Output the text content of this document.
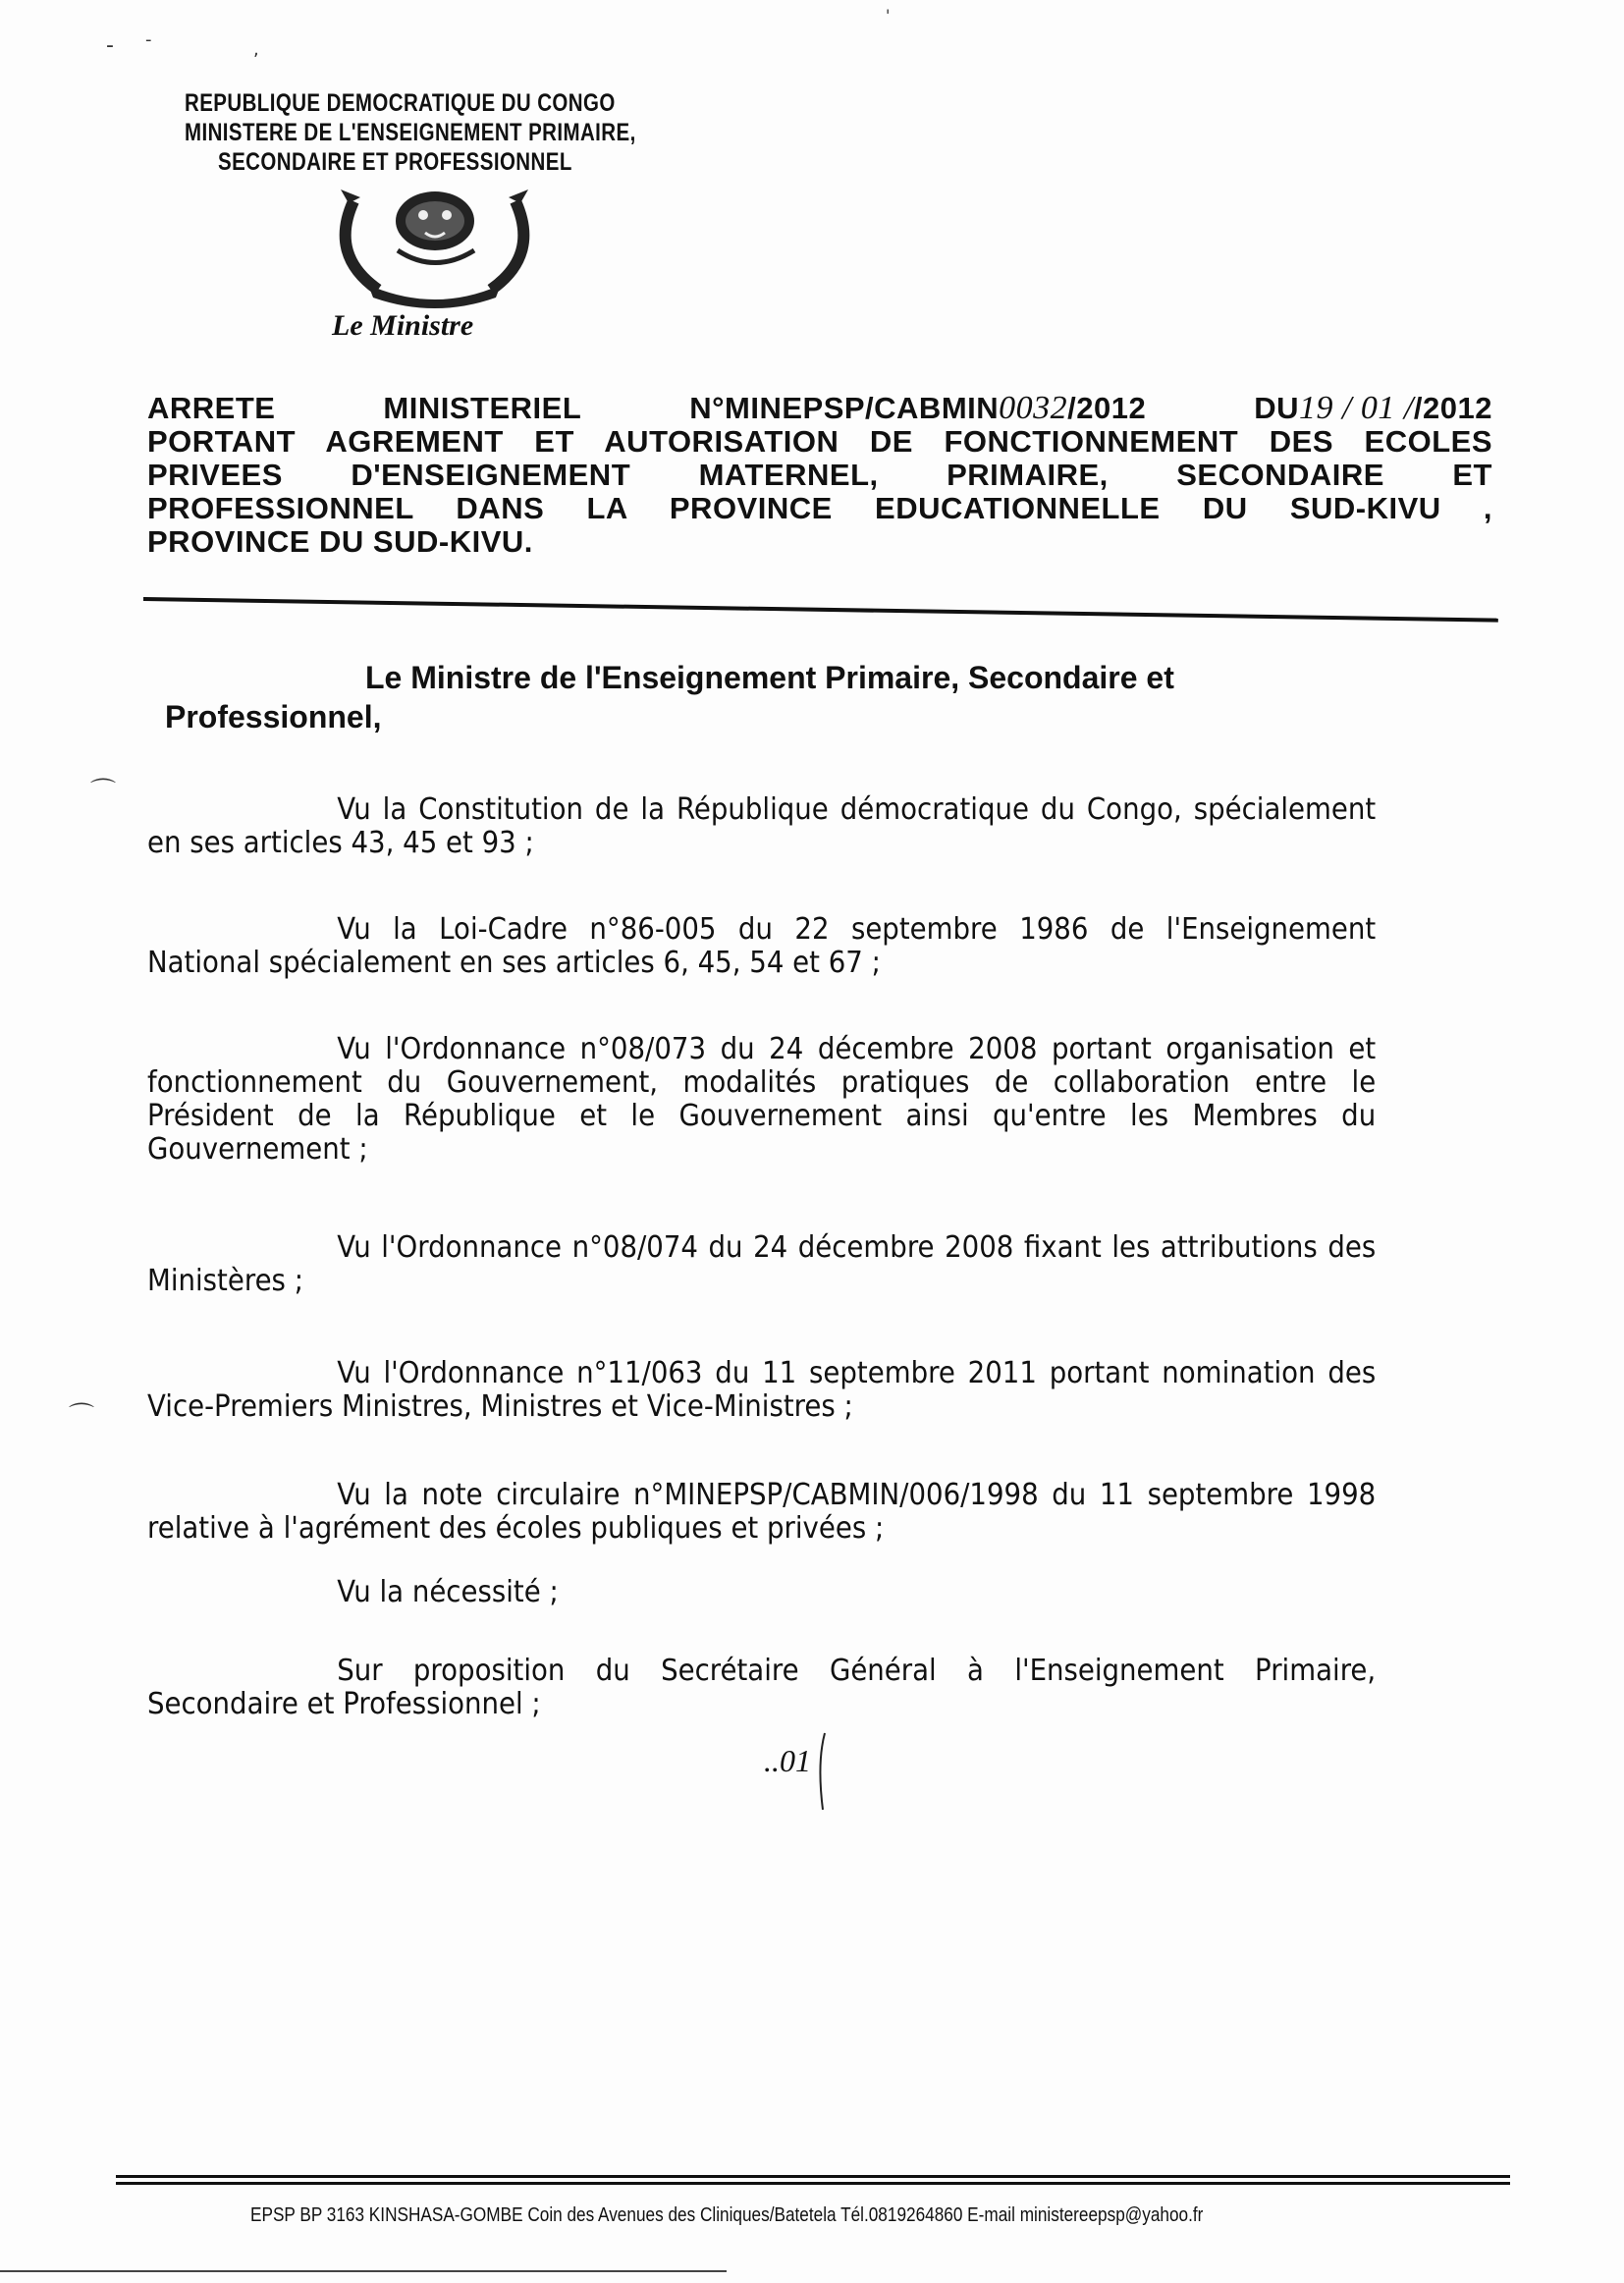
- -	,
'
⌒
⌒
REPUBLIQUE DEMOCRATIQUE DU CONGO
MINISTERE DE L'ENSEIGNEMENT PRIMAIRE,
SECONDAIRE ET PROFESSIONNEL
Le Ministre
ARRETE	MINISTERIEL	N°MINEPSP/CABMIN0032/2012	DU19 / 01 //2012
PORTANT AGREMENT ET AUTORISATION DE FONCTIONNEMENT DES ECOLES
PRIVEES D'ENSEIGNEMENT MATERNEL, PRIMAIRE, SECONDAIRE ET
PROFESSIONNEL DANS LA PROVINCE EDUCATIONNELLE DU SUD-KIVU ,
PROVINCE DU SUD-KIVU.
Le Ministre de l'Enseignement Primaire, Secondaire et
Professionnel,

Vu la Constitution de la République démocratique du Congo, spécialement en ses articles 43, 45 et 93 ;

Vu la Loi-Cadre n°86-005 du 22 septembre 1986 de l'Enseignement National spécialement en ses articles 6, 45, 54 et 67 ;

Vu l'Ordonnance n°08/073 du 24 décembre 2008 portant organisation et fonctionnement du Gouvernement, modalités pratiques de collaboration entre le Président de la République et le Gouvernement ainsi qu'entre les Membres du Gouvernement ;

Vu l'Ordonnance n°08/074 du 24 décembre 2008 fixant les attributions des Ministères ;

Vu l'Ordonnance n°11/063 du 11 septembre 2011 portant nomination des Vice-Premiers Ministres, Ministres et Vice-Ministres ;

Vu la note circulaire n°MINEPSP/CABMIN/006/1998 du 11 septembre 1998 relative à l'agrément des écoles publiques et privées ;

Vu la nécessité ;

Sur proposition du Secrétaire Général à l'Enseignement Primaire, Secondaire et Professionnel ;

..01
EPSP BP 3163 KINSHASA-GOMBE Coin des Avenues des Cliniques/Batetela Tél.0819264860 E-mail ministereepsp@yahoo.fr
